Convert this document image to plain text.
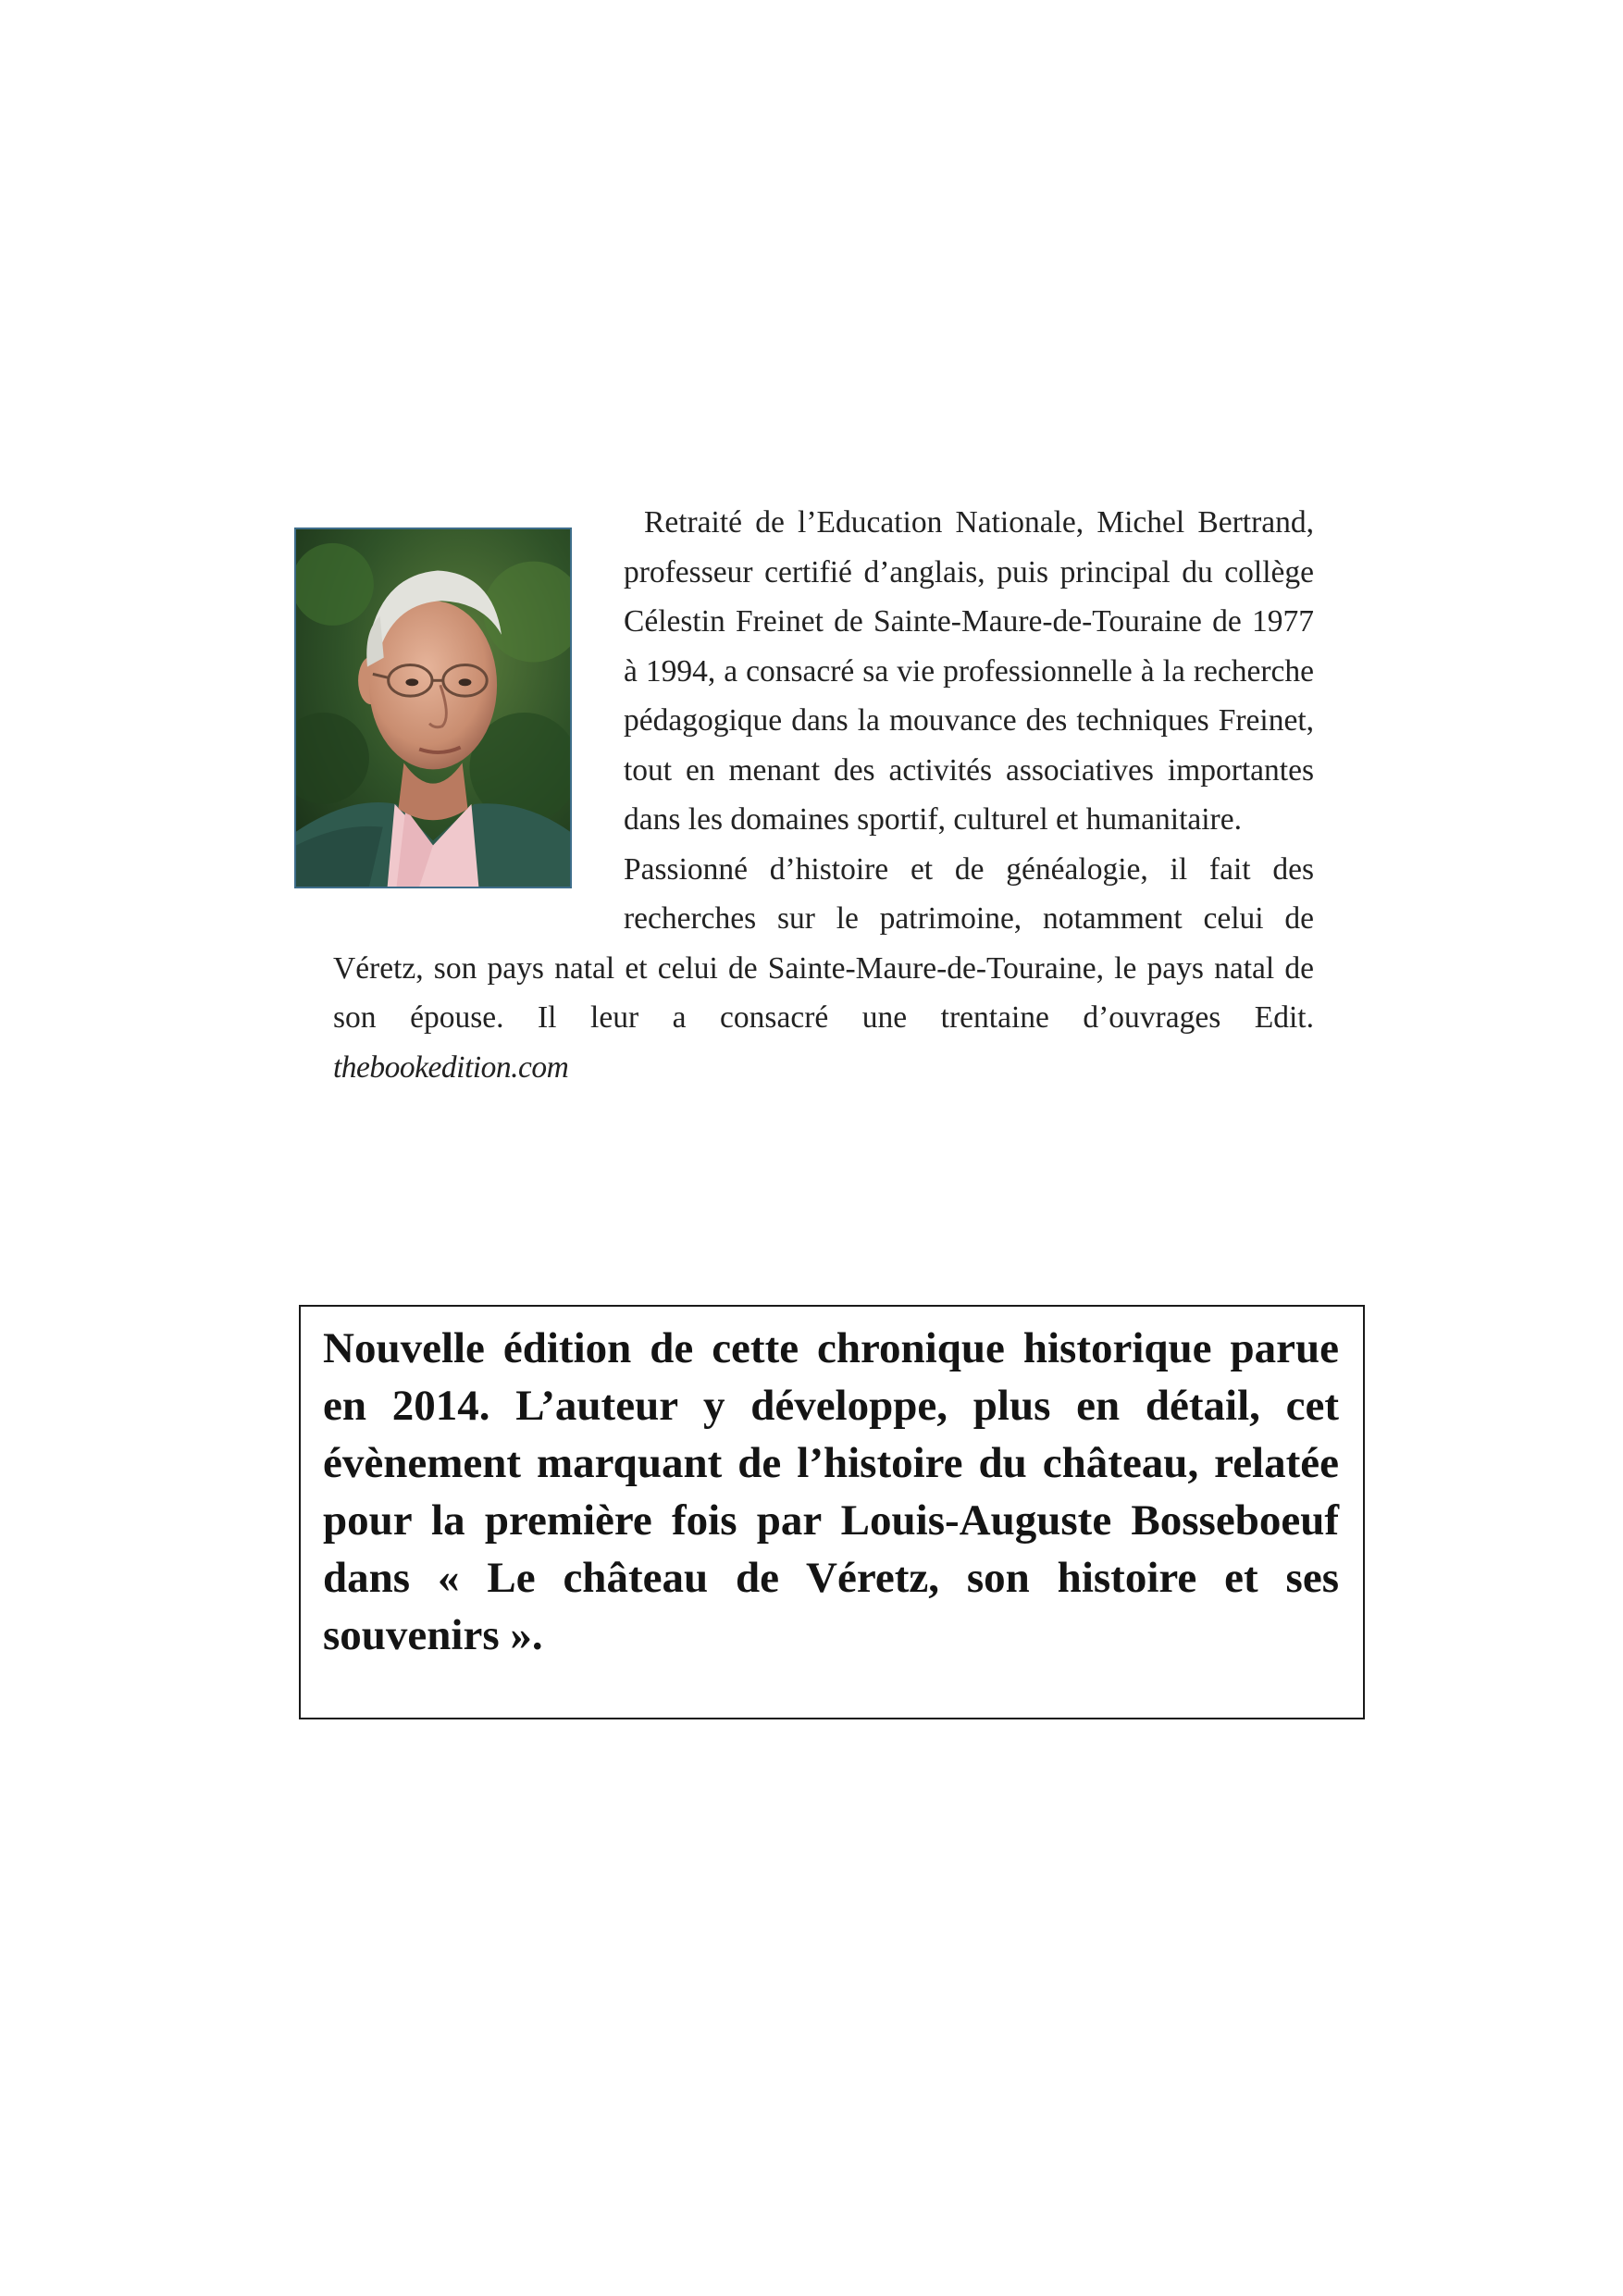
Retraité de l’Education Nationale, Michel Bertrand, professeur certifié d’anglais, puis principal du collège Célestin Freinet de Sainte-Maure-de-Touraine de 1977 à 1994, a consacré sa vie professionnelle à la recherche pédagogique dans la mouvance des techniques Freinet, tout en menant des activités associatives importantes dans les domaines sportif, culturel et humanitaire.

Passionné d’histoire et de généalogie, il fait des recherches sur le patrimoine, notamment celui de Véretz, son pays natal et celui de Sainte-Maure-de-Touraine, le pays natal de son épouse. Il leur a consacré une trentaine d’ouvrages Edit. thebookedition.com

Nouvelle édition de cette chronique historique parue en 2014. L’auteur y développe, plus en détail, cet évènement marquant de l’histoire du château, relatée pour la première fois par Louis-Auguste Bosseboeuf dans « Le château de Véretz, son histoire et ses souvenirs ».
